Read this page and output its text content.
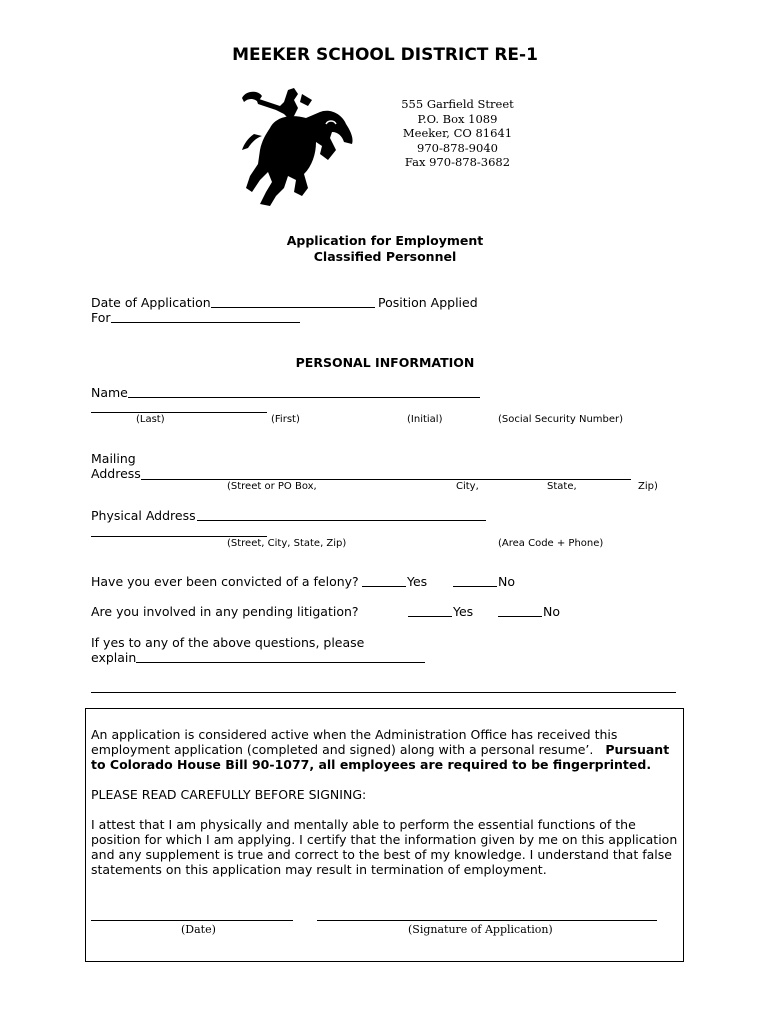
MEEKER SCHOOL DISTRICT RE-1
555 Garfield Street
P.O. Box 1089
Meeker, CO 81641
970-878-9040
Fax 970-878-3682
Application for Employment
Classified Personnel
Date of Application	Position Applied
For
PERSONAL INFORMATION
Name
(Last)	(First)	(Initial)	(Social Security Number)
Mailing
Address
(Street or PO Box,	City,	State,	Zip)
Physical Address
(Street, City, State, Zip)	(Area Code + Phone)
Have you ever been convicted of a felony?	Yes	No
Are you involved in any pending litigation?	Yes	No
If yes to any of the above questions, please
explain
An application is considered active when the Administration Office has received this employment application (completed and signed) along with a personal resume’. Pursuant to Colorado House Bill 90-1077, all employees are required to be fingerprinted.
PLEASE READ CAREFULLY BEFORE SIGNING:
I attest that I am physically and mentally able to perform the essential functions of the position for which I am applying. I certify that the information given by me on this application and any supplement is true and correct to the best of my knowledge. I understand that false statements on this application may result in termination of employment.
(Date)	(Signature of Application)
